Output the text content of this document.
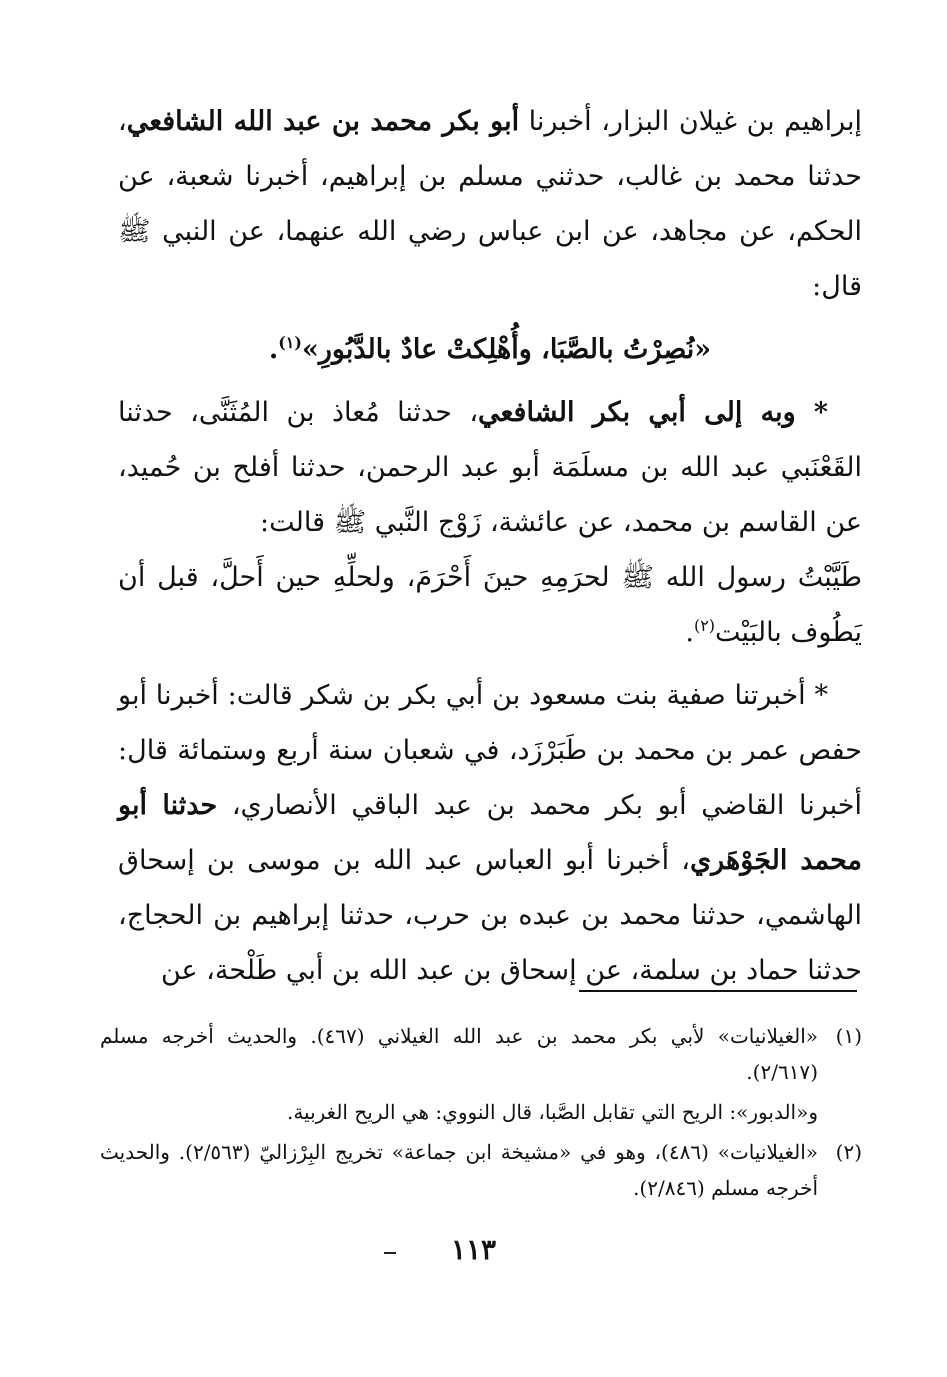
إبراهيم بن غيلان البزار، أخبرنا أبو بكر محمد بن عبد الله الشافعي، حدثنا محمد بن غالب، حدثني مسلم بن إبراهيم، أخبرنا شعبة، عن الحكم، عن مجاهد، عن ابن عباس رضي الله عنهما، عن النبي ﷺ قال:

«نُصِرْتُ بالصَّبَا، وأُهْلِكتْ عادٌ بالدَّبُورِ»$^{(١)}$.

* وبه إلى أبي بكر الشافعي، حدثنا مُعاذ بن المُثَنَّى، حدثنا القَعْنَبي عبد الله بن مسلَمَة أبو عبد الرحمن، حدثنا أفلح بن حُميد، عن القاسم بن محمد، عن عائشة، زَوْج النَّبي ﷺ قالت:

طَيَّبْتُ رسول الله ﷺ لحرَمِهِ حينَ أَحْرَمَ، ولحلِّهِ حين أَحلَّ، قبل أن يَطُوف بالبَيْت$^{(٢)}$.

* أخبرتنا صفية بنت مسعود بن أبي بكر بن شكر قالت: أخبرنا أبو حفص عمر بن محمد بن طَبَرْزَد، في شعبان سنة أربع وستمائة قال: أخبرنا القاضي أبو بكر محمد بن عبد الباقي الأنصاري، حدثنا أبو محمد الجَوْهَري، أخبرنا أبو العباس عبد الله بن موسى بن إسحاق الهاشمي، حدثنا محمد بن عبده بن حرب، حدثنا إبراهيم بن الحجاج، حدثنا حماد بن سلمة، عن إسحاق بن عبد الله بن أبي طَلْحة، عن

(١)
«الغيلانيات» لأبي بكر محمد بن عبد الله الغيلاني (٤٦٧). والحديث أخرجه مسلم (٢/٦١٧).

و«الدبور»: الريح التي تقابل الصَّبا، قال النووي: هي الريح الغربية.

(٢)
«الغيلانيات» (٤٨٦)، وهو في «مشيخة ابن جماعة» تخريج البِرْزاليّ (٢/٥٦٣). والحديث أخرجه مسلم (٢/٨٤٦).

١١٣
